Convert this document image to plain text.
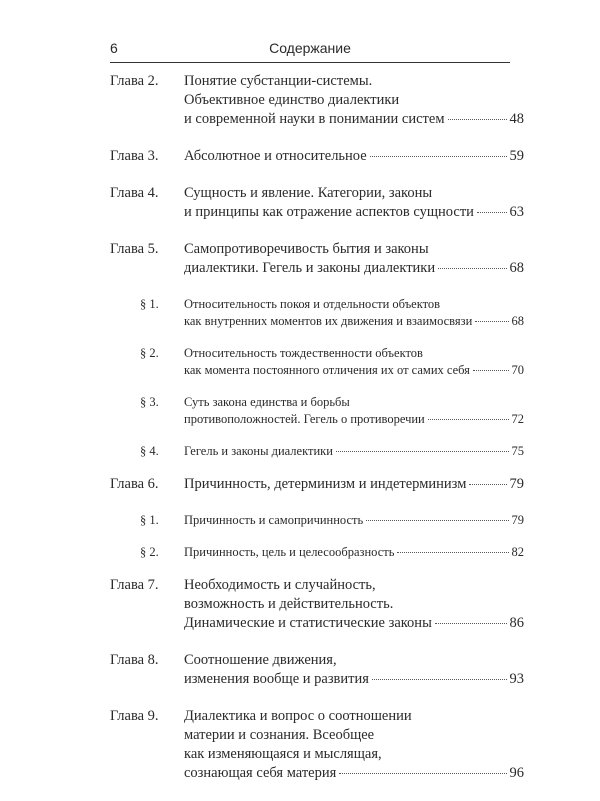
6	Содержание
Глава 2.	Понятие субстанции-системы.
Объективное единство диалектики
и современной науки в понимании систем	48
Глава 3.	Абсолютное и относительное	59
Глава 4.	Сущность и явление. Категории, законы
и принципы как отражение аспектов сущности 63
Глава 5.	Самопротиворечивость бытия и законы
диалектики. Гегель и законы диалектики	68
§ 1.	Относительность покоя и отдельности объектов
как внутренних моментов их движения и взаимосвязи	68
§ 2.	Относительность тождественности объектов
как момента постоянного отличения их от самих себя	70
§ 3.	Суть закона единства и борьбы
противоположностей. Гегель о противоречии	72
§ 4.	Гегель и законы диалектики	75
Глава 6.	Причинность, детерминизм и индетерминизм	79
§ 1.	Причинность и самопричинность	79
§ 2.	Причинность, цель и целесообразность	82
Глава 7.	Необходимость и случайность,
возможность и действительность.
Динамические и статистические законы	86
Глава 8.	Соотношение движения,
изменения вообще и развития	93
Глава 9.	Диалектика и вопрос о соотношении
материи и сознания. Всеобщее
как изменяющаяся и мыслящая,
сознающая себя материя	96
